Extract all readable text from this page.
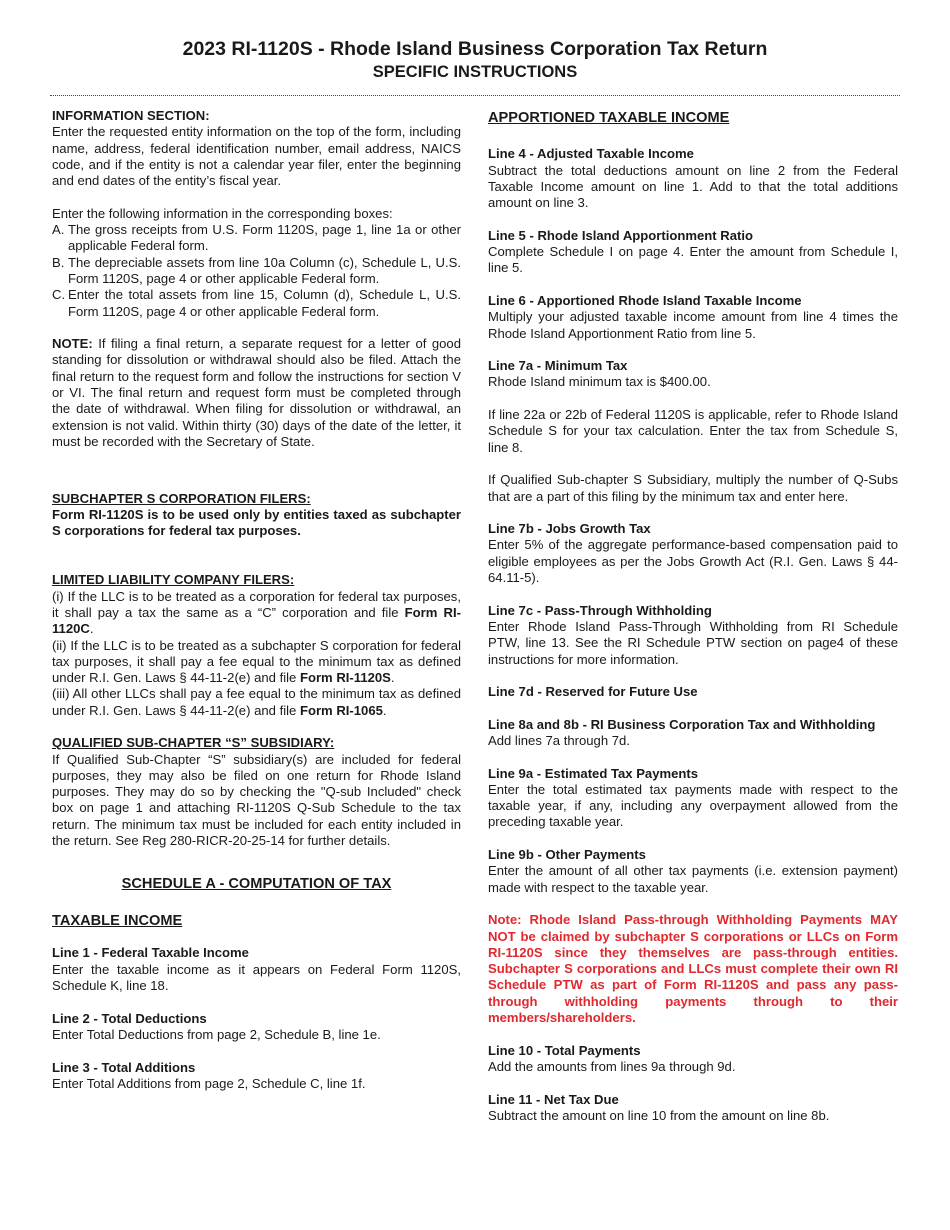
2023 RI-1120S - Rhode Island Business Corporation Tax Return
SPECIFIC INSTRUCTIONS

INFORMATION SECTION:

Enter the requested entity information on the top of the form, including name, address, federal identification number, email address, NAICS code, and if the entity is not a calendar year filer, enter the beginning and end dates of the entity’s fiscal year.

Enter the following information in the corresponding boxes:

A. The gross receipts from U.S. Form 1120S, page 1, line 1a or other applicable Federal form.
B. The depreciable assets from line 10a Column (c), Schedule L, U.S. Form 1120S, page 4 or other applicable Federal form.
C. Enter the total assets from line 15, Column (d), Schedule L, U.S. Form 1120S, page 4 or other applicable Federal form.

NOTE: If filing a final return, a separate request for a letter of good standing for dissolution or withdrawal should also be filed. Attach the final return to the request form and follow the instructions for section V or VI. The final return and request form must be completed through the date of withdrawal. When filing for dissolution or withdrawal, an extension is not valid. Within thirty (30) days of the date of the letter, it must be recorded with the Secretary of State.

SUBCHAPTER S CORPORATION FILERS:

Form RI-1120S is to be used only by entities taxed as subchapter S corporations for federal tax purposes.

LIMITED LIABILITY COMPANY FILERS:

(i) If the LLC is to be treated as a corporation for federal tax purposes, it shall pay a tax the same as a “C” corporation and file Form RI-1120C.

(ii) If the LLC is to be treated as a subchapter S corporation for federal tax purposes, it shall pay a fee equal to the minimum tax as defined under R.I. Gen. Laws § 44-11-2(e) and file Form RI-1120S.

(iii) All other LLCs shall pay a fee equal to the minimum tax as defined under R.I. Gen. Laws § 44-11-2(e) and file Form RI-1065.

QUALIFIED SUB-CHAPTER “S” SUBSIDIARY:

If Qualified Sub-Chapter “S” subsidiary(s) are included for federal purposes, they may also be filed on one return for Rhode Island purposes. They may do so by checking the "Q-sub Included" check box on page 1 and attaching RI-1120S Q-Sub Schedule to the tax return. The minimum tax must be included for each entity included in the return. See Reg 280-RICR-20-25-14 for further details.

SCHEDULE A - COMPUTATION OF TAX

TAXABLE INCOME

Line 1 - Federal Taxable Income

Enter the taxable income as it appears on Federal Form 1120S, Schedule K, line 18.

Line 2 - Total Deductions

Enter Total Deductions from page 2, Schedule B, line 1e.

Line 3 - Total Additions

Enter Total Additions from page 2, Schedule C, line 1f.

APPORTIONED TAXABLE INCOME

Line 4 - Adjusted Taxable Income

Subtract the total deductions amount on line 2 from the Federal Taxable Income amount on line 1. Add to that the total additions amount on line 3.

Line 5 - Rhode Island Apportionment Ratio

Complete Schedule I on page 4. Enter the amount from Schedule I, line 5.

Line 6 - Apportioned Rhode Island Taxable Income

Multiply your adjusted taxable income amount from line 4 times the Rhode Island Apportionment Ratio from line 5.

Line 7a - Minimum Tax

Rhode Island minimum tax is $400.00.

If line 22a or 22b of Federal 1120S is applicable, refer to Rhode Island Schedule S for your tax calculation. Enter the tax from Schedule S, line 8.

If Qualified Sub-chapter S Subsidiary, multiply the number of Q-Subs that are a part of this filing by the minimum tax and enter here.

Line 7b - Jobs Growth Tax

Enter 5% of the aggregate performance-based compensation paid to eligible employees as per the Jobs Growth Act (R.I. Gen. Laws § 44-64.11-5).

Line 7c - Pass-Through Withholding

Enter Rhode Island Pass-Through Withholding from RI Schedule PTW, line 13. See the RI Schedule PTW section on page4 of these instructions for more information.

Line 7d - Reserved for Future Use

Line 8a and 8b - RI Business Corporation Tax and Withholding

Add lines 7a through 7d.

Line 9a - Estimated Tax Payments

Enter the total estimated tax payments made with respect to the taxable year, if any, including any overpayment allowed from the preceding taxable year.

Line 9b - Other Payments

Enter the amount of all other tax payments (i.e. extension payment) made with respect to the taxable year.

Note: Rhode Island Pass-through Withholding Payments MAY NOT be claimed by subchapter S corporations or LLCs on Form RI-1120S since they themselves are pass-through entities. Subchapter S corporations and LLCs must complete their own RI Schedule PTW as part of Form RI-1120S and pass any pass-through withholding payments through to their members/shareholders.

Line 10 - Total Payments

Add the amounts from lines 9a through 9d.

Line 11 - Net Tax Due

Subtract the amount on line 10 from the amount on line 8b.
